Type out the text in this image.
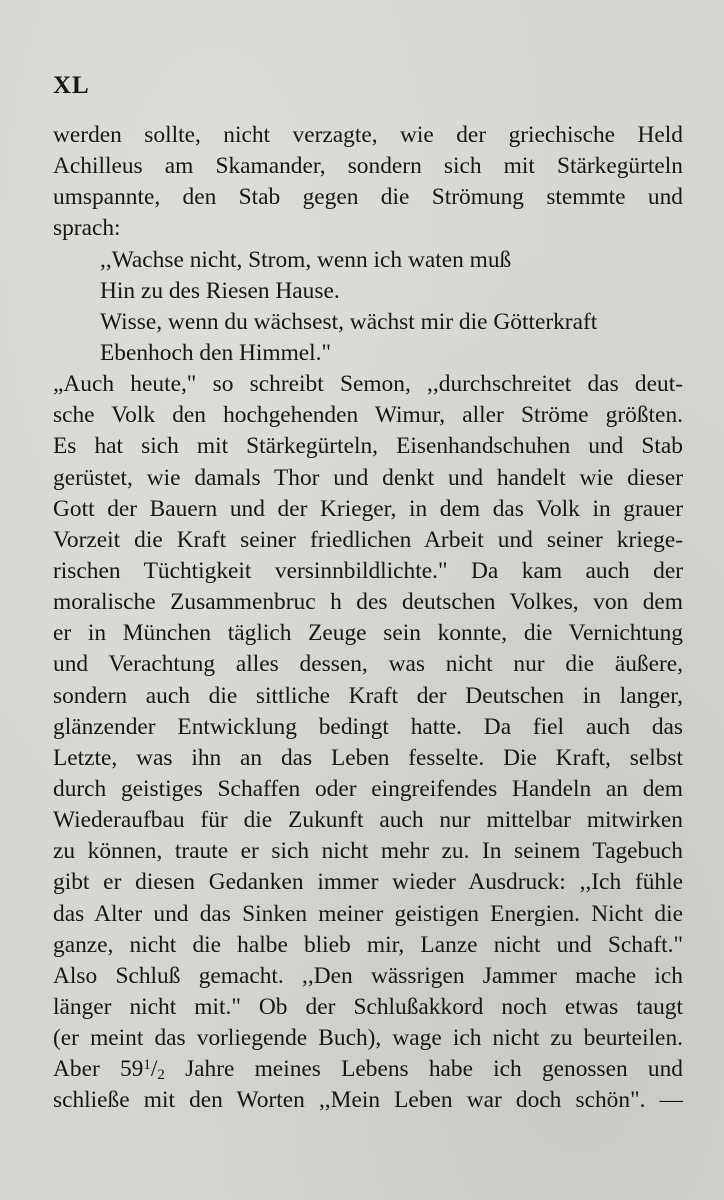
XL
werden sollte, nicht verzagte, wie der griechische Held
Achilleus am Skamander, sondern sich mit Stärkegürteln
umspannte, den Stab gegen die Strömung stemmte und
sprach:
,,Wachse nicht, Strom, wenn ich waten muß
Hin zu des Riesen Hause.
Wisse, wenn du wächsest, wächst mir die Götterkraft
Ebenhoch den Himmel."
„Auch heute," so schreibt Semon, ,,durchschreitet das deut-
sche Volk den hochgehenden Wimur, aller Ströme größten.
Es hat sich mit Stärkegürteln, Eisenhandschuhen und Stab
gerüstet, wie damals Thor und denkt und handelt wie dieser
Gott der Bauern und der Krieger, in dem das Volk in grauer
Vorzeit die Kraft seiner friedlichen Arbeit und seiner kriege-
rischen Tüchtigkeit versinnbildlichte." Da kam auch der
moralische Zusammenbruc h des deutschen Volkes, von dem
er in München täglich Zeuge sein konnte, die Vernichtung
und Verachtung alles dessen, was nicht nur die äußere,
sondern auch die sittliche Kraft der Deutschen in langer,
glänzender Entwicklung bedingt hatte. Da fiel auch das
Letzte, was ihn an das Leben fesselte. Die Kraft, selbst
durch geistiges Schaffen oder eingreifendes Handeln an dem
Wiederaufbau für die Zukunft auch nur mittelbar mitwirken
zu können, traute er sich nicht mehr zu. In seinem Tagebuch
gibt er diesen Gedanken immer wieder Ausdruck: ,,Ich fühle
das Alter und das Sinken meiner geistigen Energien. Nicht die
ganze, nicht die halbe blieb mir, Lanze nicht und Schaft."
Also Schluß gemacht. ,,Den wässrigen Jammer mache ich
länger nicht mit." Ob der Schlußakkord noch etwas taugt
(er meint das vorliegende Buch), wage ich nicht zu beurteilen.
Aber $59^1/_2$ Jahre meines Lebens habe ich genossen und
schließe mit den Worten ,,Mein Leben war doch schön". —
